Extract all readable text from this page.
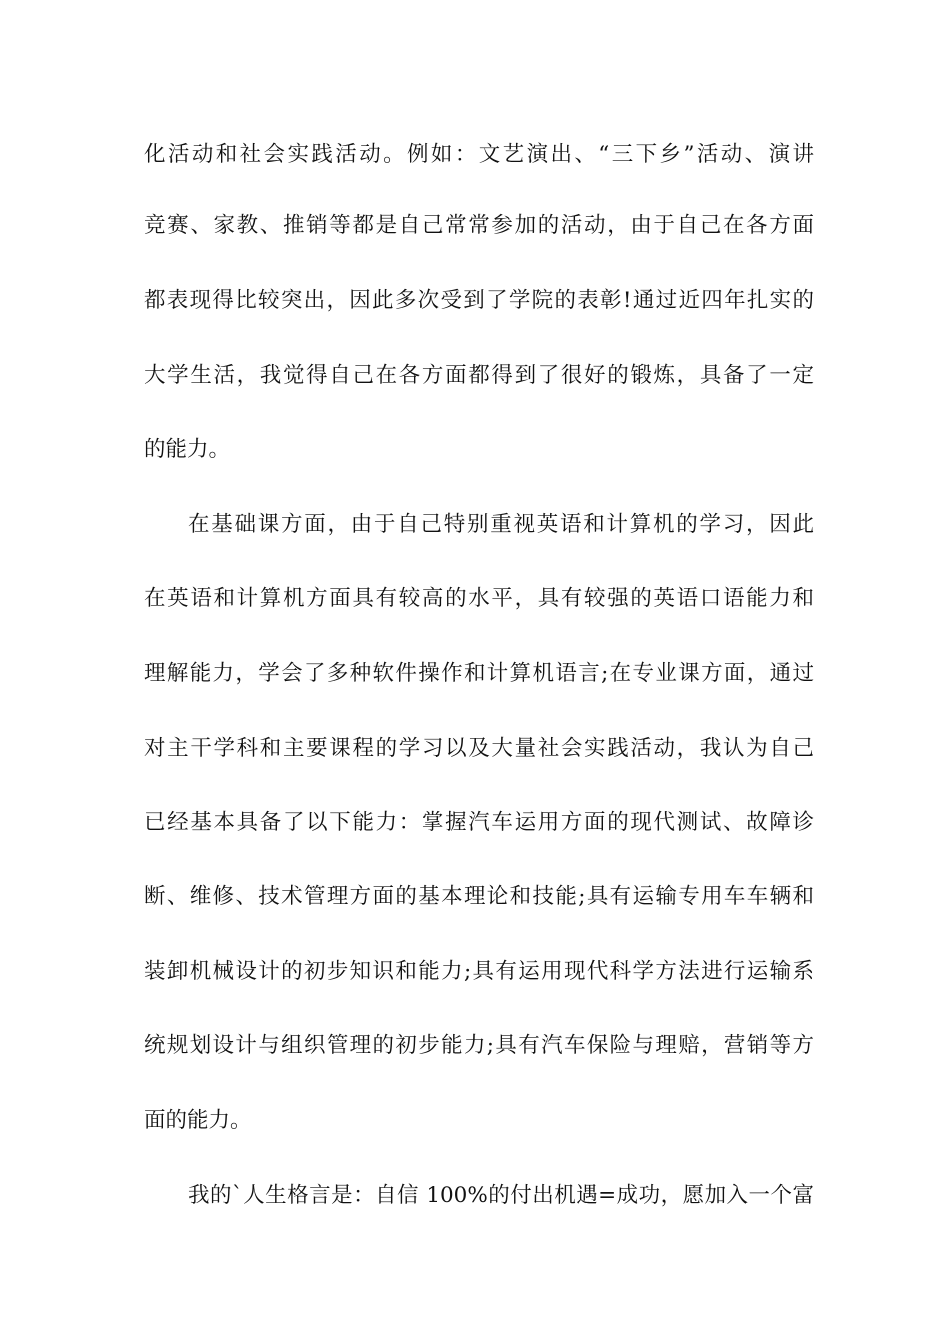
化活动和社会实践活动。例如：文艺演出、“三下乡”活动、演讲
竞赛、家教、推销等都是自己常常参加的活动，由于自己在各方面
都表现得比较突出，因此多次受到了学院的表彰!通过近四年扎实的
大学生活，我觉得自己在各方面都得到了很好的锻炼，具备了一定
的能力。
在基础课方面，由于自己特别重视英语和计算机的学习，因此
在英语和计算机方面具有较高的水平，具有较强的英语口语能力和
理解能力，学会了多种软件操作和计算机语言;在专业课方面，通过
对主干学科和主要课程的学习以及大量社会实践活动，我认为自己
已经基本具备了以下能力：掌握汽车运用方面的现代测试、故障诊
断、维修、技术管理方面的基本理论和技能;具有运输专用车车辆和
装卸机械设计的初步知识和能力;具有运用现代科学方法进行运输系
统规划设计与组织管理的初步能力;具有汽车保险与理赔，营销等方
面的能力。
我的`人生格言是：自信 100%的付出机遇=成功，愿加入一个富
